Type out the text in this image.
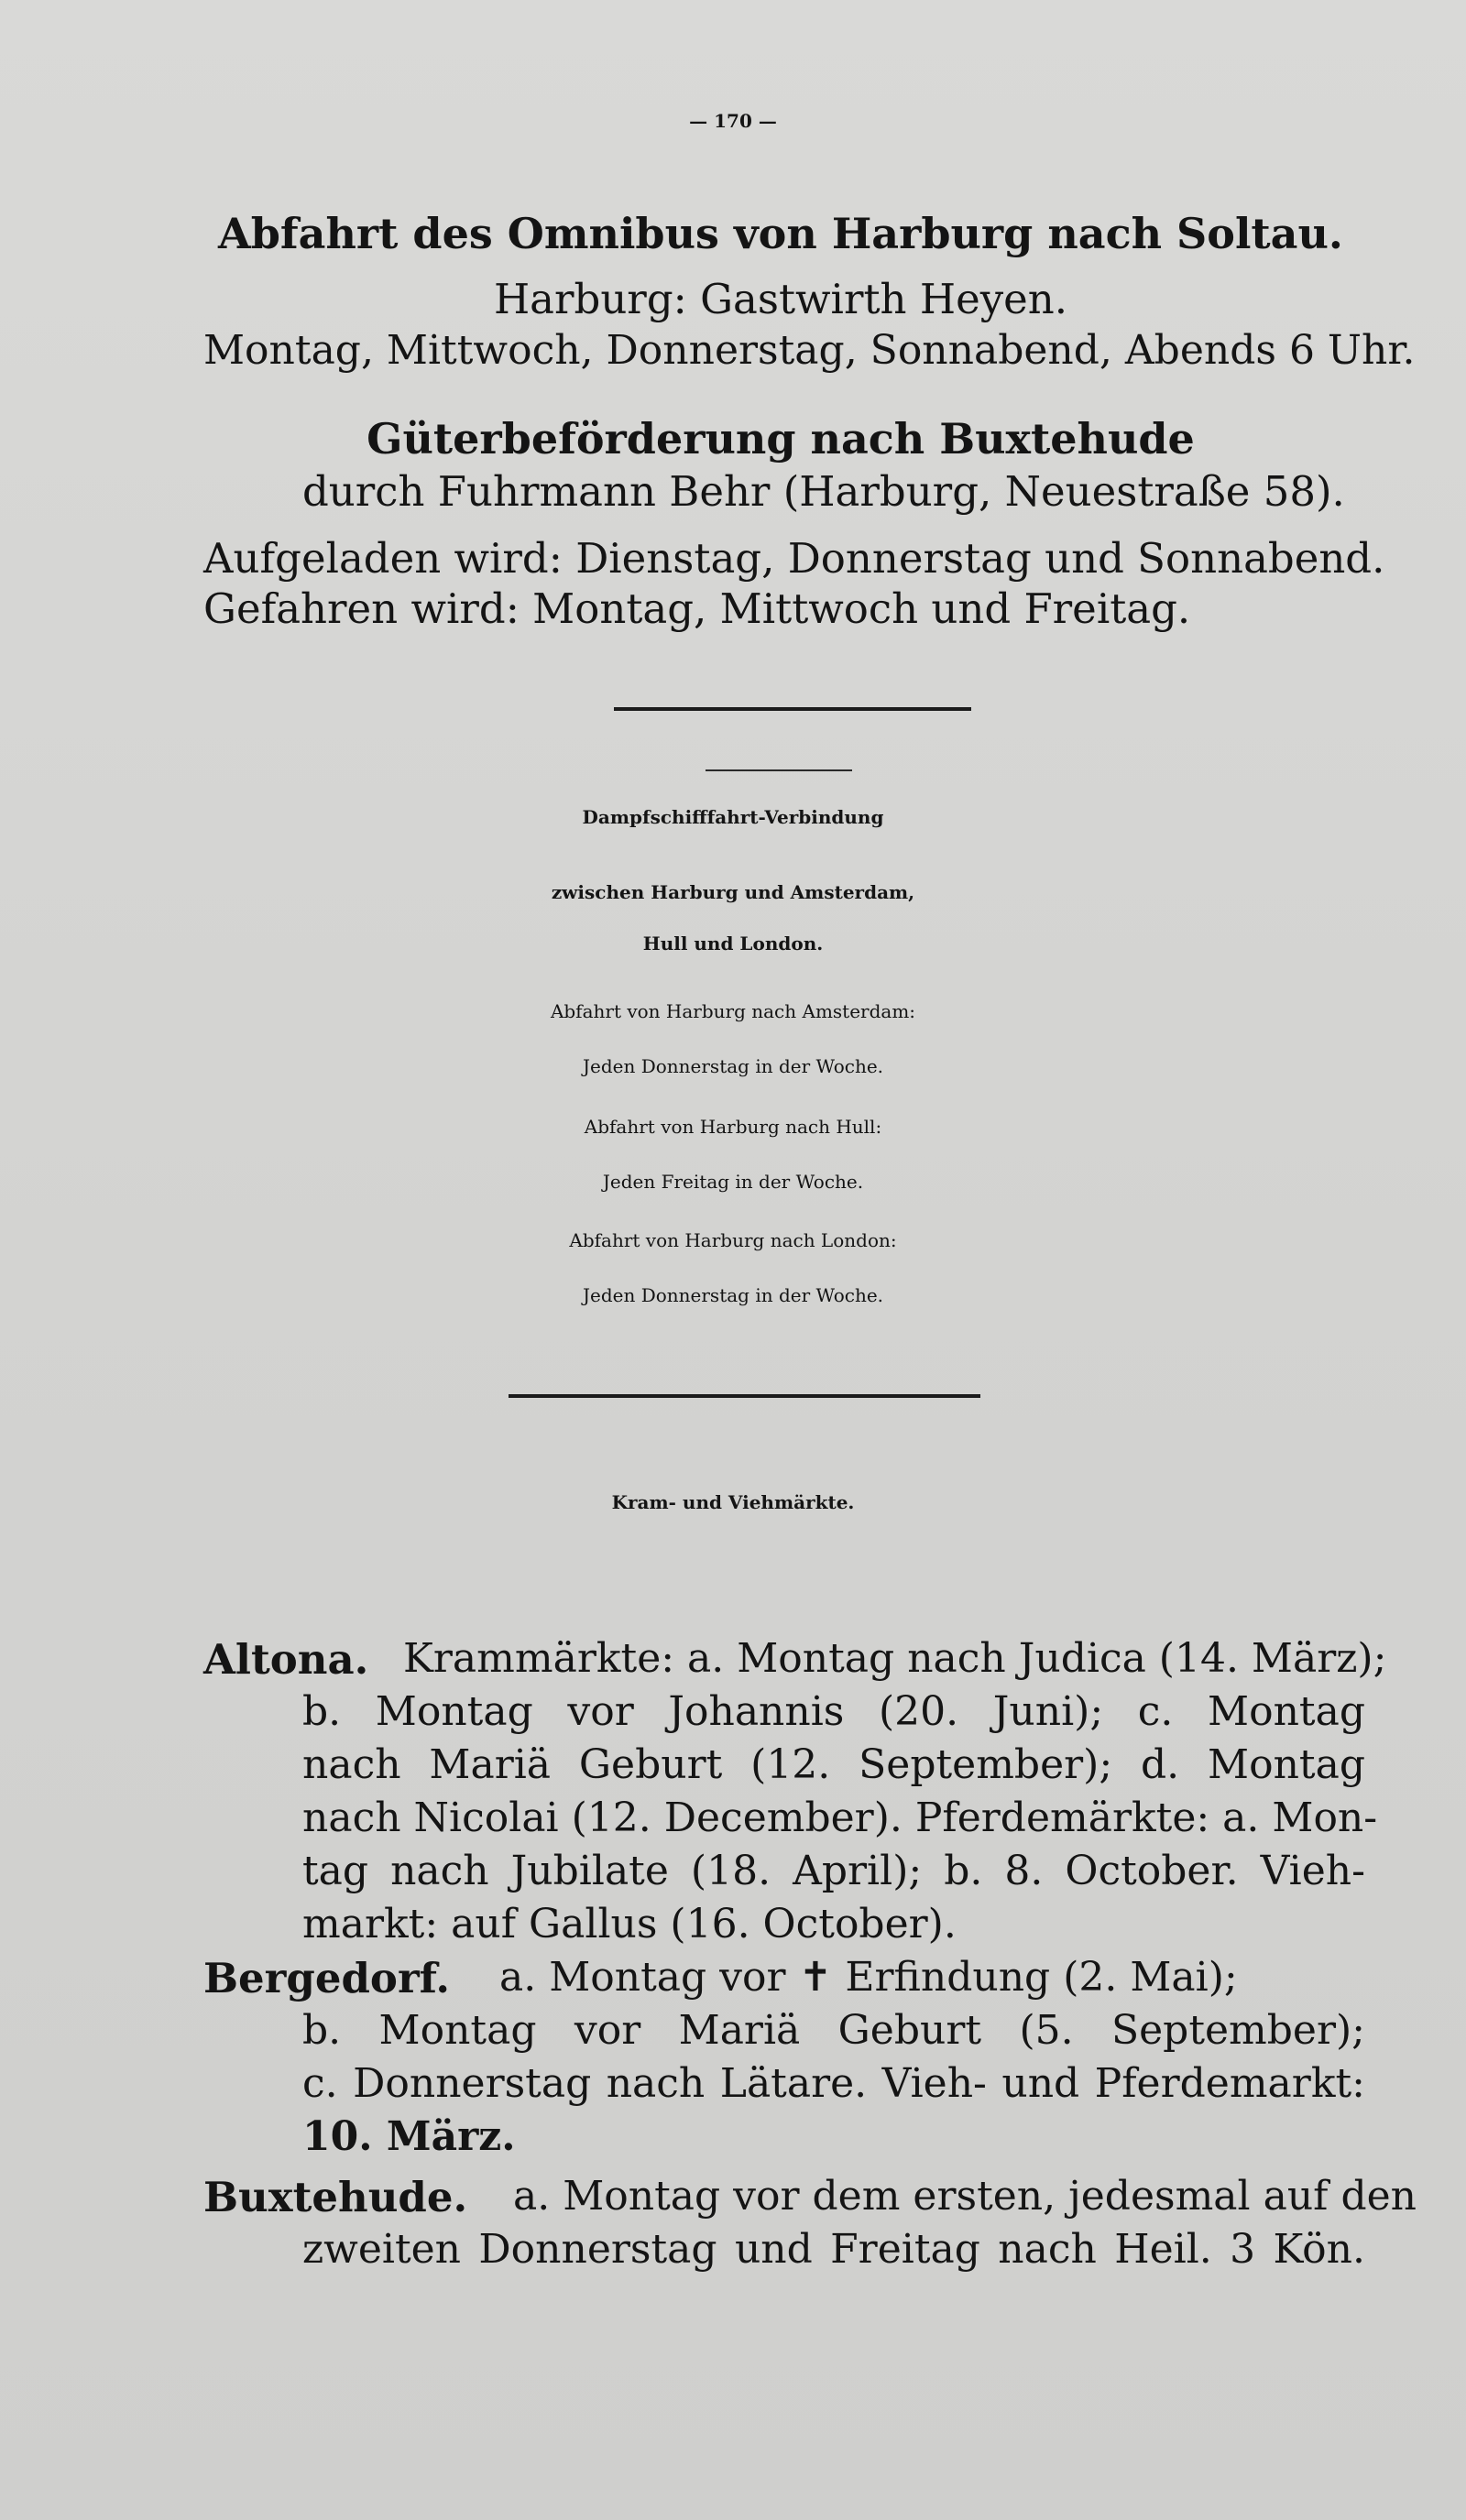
— 170 —
Abfahrt des Omnibus von Harburg nach Soltau.
Harburg: Gastwirth Heyen.
Montag, Mittwoch, Donnerstag, Sonnabend, Abends 6 Uhr.
Güterbeförderung nach Buxtehude
durch Fuhrmann Behr (Harburg, Neuestraße 58).
Aufgeladen wird: Dienstag, Donnerstag und Sonnabend.
Gefahren wird: Montag, Mittwoch und Freitag.
Dampfschifffahrt-Verbindung
zwischen Harburg und Amsterdam,
Hull und London.
Abfahrt von Harburg nach Amsterdam:
Jeden Donnerstag in der Woche.
Abfahrt von Harburg nach Hull:
Jeden Freitag in der Woche.
Abfahrt von Harburg nach London:
Jeden Donnerstag in der Woche.
Kram- und Viehmärkte.
Altona. Krammärkte: a. Montag nach Judica (14. März);
b. Montag vor Johannis (20. Juni); c. Montag
nach Mariä Geburt (12. September); d. Montag
nach Nicolai (12. December). Pferdemärkte: a. Mon-
tag nach Jubilate (18. April); b. 8. October. Vieh-
markt: auf Gallus (16. October).
Bergedorf. a. Montag vor ✝ Erfindung (2. Mai);
b. Montag vor Mariä Geburt (5. September);
c. Donnerstag nach Lätare. Vieh- und Pferdemarkt:
10. März.
Buxtehude. a. Montag vor dem ersten, jedesmal auf den
zweiten Donnerstag und Freitag nach Heil. 3 Kön.
